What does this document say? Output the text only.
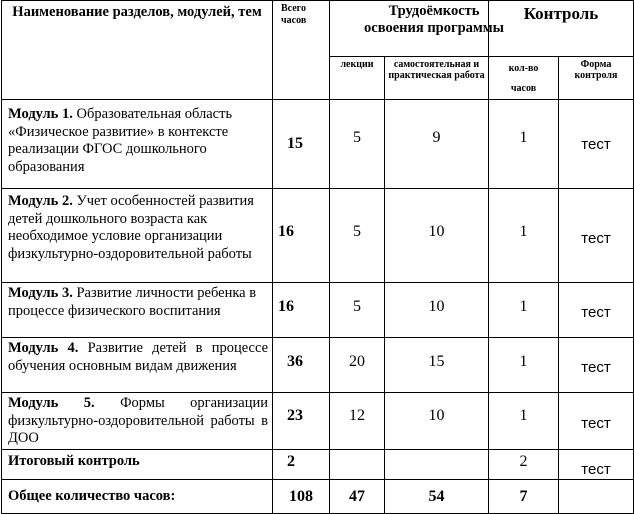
Наименование разделов, модулей, тем	Всего часов	Трудоёмкость освоения программы		Контроль	
		лекции	самостоятельная и практическая работа	кол-во часов	Форма контроля
Модуль 1. Образовательная область «Физическое развитие» в контексте реализации ФГОС дошкольного образования	15	5	9	1	тест
Модуль 2. Учет особенностей развития детей дошкольного возраста как необходимое условие организации физкультурно-оздоровительной работы	16	5	10	1	тест
Модуль 3. Развитие личности ребенка в процессе физического воспитания	16	5	10	1	тест
Модуль 4. Развитие детей в процессе обучения основным видам движения	36	20	15	1	тест
Модуль 5. Формы организации физкультурно-оздоровительной работы в ДОО	23	12	10	1	тест
Итоговый контроль	2			2	тест
Общее количество часов:	108	47	54	7	
